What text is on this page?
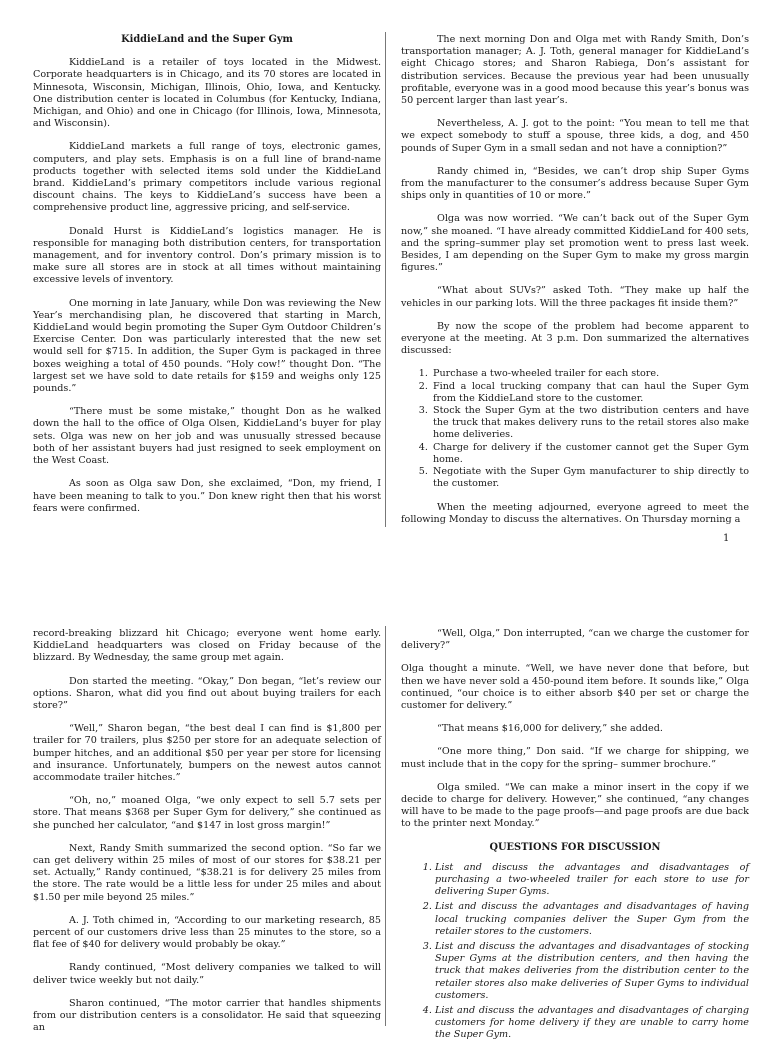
KiddieLand and the Super Gym

KiddieLand is a retailer of toys located in the Midwest. Corporate headquarters is in Chicago, and its 70 stores are located in Minnesota, Wisconsin, Michigan, Illinois, Ohio, Iowa, and Kentucky. One distribution center is located in Columbus (for Kentucky, Indiana, Michigan, and Ohio) and one in Chicago (for Illinois, Iowa, Minnesota, and Wisconsin).

KiddieLand markets a full range of toys, electronic games, computers, and play sets. Emphasis is on a full line of brand-name products together with selected items sold under the KiddieLand brand. KiddieLand’s primary competitors include various regional discount chains. The keys to KiddieLand’s success have been a comprehensive product line, aggressive pricing, and self-service.

Donald Hurst is KiddieLand’s logistics manager. He is responsible for managing both distribution centers, for transportation management, and for inventory control. Don’s primary mission is to make sure all stores are in stock at all times without maintaining excessive levels of inventory.

One morning in late January, while Don was reviewing the New Year’s merchandising plan, he discovered that starting in March, KiddieLand would begin promoting the Super Gym Outdoor Children’s Exercise Center. Don was particularly interested that the new set would sell for $715. In addition, the Super Gym is packaged in three boxes weighing a total of 450 pounds. “Holy cow!” thought Don. “The largest set we have sold to date retails for $159 and weighs only 125 pounds.”

“There must be some mistake,” thought Don as he walked down the hall to the office of Olga Olsen, KiddieLand’s buyer for play sets. Olga was new on her job and was unusually stressed because both of her assistant buyers had just resigned to seek employment on the West Coast.

As soon as Olga saw Don, she exclaimed, “Don, my friend, I have been meaning to talk to you.” Don knew right then that his worst fears were confirmed.

The next morning Don and Olga met with Randy Smith, Don’s transportation manager; A. J. Toth, general manager for KiddieLand’s eight Chicago stores; and Sharon Rabiega, Don’s assistant for distribution services. Because the previous year had been unusually profitable, everyone was in a good mood because this year’s bonus was 50 percent larger than last year’s.

Nevertheless, A. J. got to the point: “You mean to tell me that we expect somebody to stuff a spouse, three kids, a dog, and 450 pounds of Super Gym in a small sedan and not have a conniption?”

Randy chimed in, “Besides, we can’t drop ship Super Gyms from the manufacturer to the consumer’s address because Super Gym ships only in quantities of 10 or more.”

Olga was now worried. “We can’t back out of the Super Gym now,” she moaned. “I have already committed KiddieLand for 400 sets, and the spring–summer play set promotion went to press last week. Besides, I am depending on the Super Gym to make my gross margin figures.”

“What about SUVs?” asked Toth. “They make up half the vehicles in our parking lots. Will the three packages fit inside them?”

By now the scope of the problem had become apparent to everyone at the meeting. At 3 p.m. Don summarized the alternatives discussed:

1. Purchase a two-wheeled trailer for each store.
2. Find a local trucking company that can haul the Super Gym from the KiddieLand store to the customer.
3. Stock the Super Gym at the two distribution centers and have the truck that makes delivery runs to the retail stores also make home deliveries.
4. Charge for delivery if the customer cannot get the Super Gym home.
5. Negotiate with the Super Gym manufacturer to ship directly to the customer.

When the meeting adjourned, everyone agreed to meet the following Monday to discuss the alternatives. On Thursday morning a

1

record-breaking blizzard hit Chicago; everyone went home early. KiddieLand headquarters was closed on Friday because of the blizzard. By Wednesday, the same group met again.

Don started the meeting. “Okay,” Don began, “let’s review our options. Sharon, what did you find out about buying trailers for each store?”

“Well,” Sharon began, “the best deal I can find is $1,800 per trailer for 70 trailers, plus $250 per store for an adequate selection of bumper hitches, and an additional $50 per year per store for licensing and insurance. Unfortunately, bumpers on the newest autos cannot accommodate trailer hitches.”

“Oh, no,” moaned Olga, “we only expect to sell 5.7 sets per store. That means $368 per Super Gym for delivery,” she continued as she punched her calculator, “and $147 in lost gross margin!”

Next, Randy Smith summarized the second option. “So far we can get delivery within 25 miles of most of our stores for $38.21 per set. Actually,” Randy continued, “$38.21 is for delivery 25 miles from the store. The rate would be a little less for under 25 miles and about $1.50 per mile beyond 25 miles.”

A. J. Toth chimed in, “According to our marketing research, 85 percent of our customers drive less than 25 minutes to the store, so a flat fee of $40 for delivery would probably be okay.”

Randy continued, “Most delivery companies we talked to will deliver twice weekly but not daily.”

Sharon continued, “The motor carrier that handles shipments from our distribution centers is a consolidator. He said that squeezing an

“Well, Olga,” Don interrupted, “can we charge the customer for delivery?”

Olga thought a minute. “Well, we have never done that before, but then we have never sold a 450-pound item before. It sounds like,” Olga continued, “our choice is to either absorb $40 per set or charge the customer for delivery.”

“That means $16,000 for delivery,” she added.

“One more thing,” Don said. “If we charge for shipping, we must include that in the copy for the spring– summer brochure.”

Olga smiled. “We can make a minor insert in the copy if we decide to charge for delivery. However,” she continued, “any changes will have to be made to the page proofs—and page proofs are due back to the printer next Monday.”

QUESTIONS FOR DISCUSSION
1. List and discuss the advantages and disadvantages of purchasing a two-wheeled trailer for each store to use for delivering Super Gyms.
2. List and discuss the advantages and disadvantages of having local trucking companies deliver the Super Gym from the retailer stores to the customers.
3. List and discuss the advantages and disadvantages of stocking Super Gyms at the distribution centers, and then having the truck that makes deliveries from the distribution center to the retailer stores also make deliveries of Super Gyms to individual customers.
4. List and discuss the advantages and disadvantages of charging customers for home delivery if they are unable to carry home the Super Gym.
